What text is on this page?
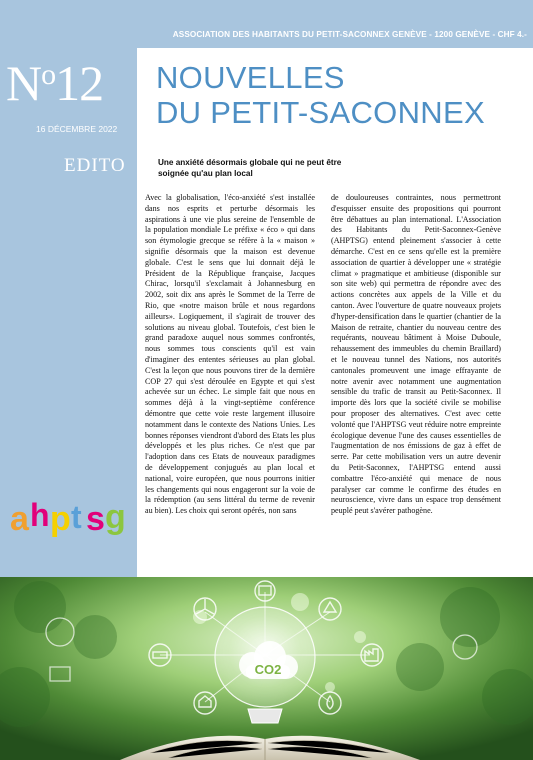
ASSOCIATION DES HABITANTS DU PETIT-SACONNEX GENÈVE - 1200 GENÈVE - CHF 4.-
$N^o12$
16 DÉCEMBRE 2022
EDITO
NOUVELLES
DU PETIT-SACONNEX
Une anxiété désormais globale qui ne peut être soignée qu'au plan local
Avec la globalisation, l'éco-anxiété s'est installée dans nos esprits et perturbe désormais les aspirations à une vie plus sereine de l'ensemble de la population mondiale Le préfixe « éco » qui dans son étymologie grecque se réfère à la « maison » signifie désormais que la maison est devenue globale. C'est le sens que lui donnait déjà le Président de la République française, Jacques Chirac, lorsqu'il s'exclamait à Johannesburg en 2002, soit dix ans après le Sommet de la Terre de Rio, que «notre maison brûle et nous regardons ailleurs». Logiquement, il s'agirait de trouver des solutions au niveau global. Toutefois, c'est bien le grand paradoxe auquel nous sommes confrontés, nous sommes tous conscients qu'il est vain d'imaginer des ententes sérieuses au plan global. C'est la leçon que nous pouvons tirer de la dernière COP 27 qui s'est déroulée en Egypte et qui s'est achevée sur un échec. Le simple fait que nous en sommes déjà à la vingt-septième conférence démontre que cette voie reste largement illusoire notamment dans le contexte des Nations Unies. Les bonnes réponses viendront d'abord des Etats les plus développés et les plus riches. Ce n'est que par l'adoption dans ces Etats de nouveaux paradigmes de développement conjugués au plan local et national, voire européen, que nous pourrons initier les changements qui nous engageront sur la voie de la rédemption (au sens littéral du terme de revenir au bien). Les choix qui seront opérés, non sans
de douloureuses contraintes, nous permettront d'esquisser ensuite des propositions qui pourront être débattues au plan international. L'Association des Habitants du Petit-Saconnex-Genève (AHPTSG) entend pleinement s'associer à cette démarche. C'est en ce sens qu'elle est la première association de quartier à développer une « stratégie climat » pragmatique et ambitieuse (disponible sur son site web) qui permettra de répondre avec des actions concrètes aux appels de la Ville et du canton. Avec l'ouverture de quatre nouveaux projets d'hyper-densification dans le quartier (chantier de la Maison de retraite, chantier du nouveau centre des requérants, nouveau bâtiment à Moise Duboule, rehaussement des immeubles du chemin Braillard) et le nouveau tunnel des Nations, nos autorités cantonales promeuvent une image effrayante de notre avenir avec notamment une augmentation sensible du trafic de transit au Petit-Saconnex. Il importe dès lors que la société civile se mobilise pour proposer des alternatives. C'est avec cette volonté que l'AHPTSG veut réduire notre empreinte écologique devenue l'une des causes essentielles de l'augmentation de nos émissions de gaz à effet de serre. Par cette mobilisation vers un autre devenir du Petit-Saconnex, l'AHPTSG entend aussi combattre l'éco-anxiété qui menace de nous paralyser car comme le confirme des études en neuroscience, vivre dans un espace trop densément peuplé peut s'avérer pathogène.
a h p t s g
CO2
